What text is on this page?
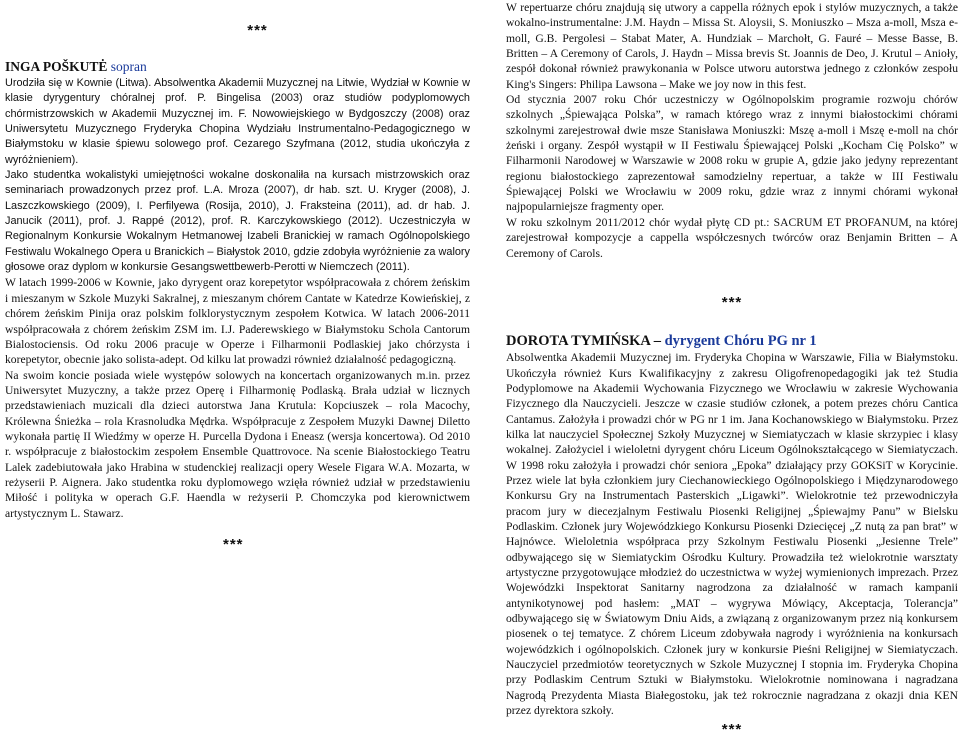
***
INGA POŠKUTĖ sopran

Urodziła się w Kownie (Litwa). Absolwentka Akademii Muzycznej na Litwie, Wydział w Kownie w klasie dyrygentury chóralnej prof. P. Bingelisa (2003) oraz studiów podyplomowych chórmistrzowskich w Akademii Muzycznej im. F. Nowowiejskiego w Bydgoszczy (2008) oraz Uniwersytetu Muzycznego Fryderyka Chopina Wydziału Instrumentalno-Pedagogicznego w Białymstoku w klasie śpiewu solowego prof. Cezarego Szyfmana (2012, studia ukończyła z wyróżnieniem).

Jako studentka wokalistyki umiejętności wokalne doskonaliła na kursach mistrzowskich oraz seminariach prowadzonych przez prof. L.A. Mroza (2007), dr hab. szt. U. Kryger (2008), J. Laszczkowskiego (2009), I. Perfilyewa (Rosija, 2010), J. Fraksteina (2011), ad. dr hab. J. Janucik (2011), prof. J. Rappé (2012), prof. R. Karczykowskiego (2012). Uczestniczyła w Regionalnym Konkursie Wokalnym Hetmanowej Izabeli Branickiej w ramach Ogólnopolskiego Festiwalu Wokalnego Opera u Branickich – Białystok 2010, gdzie zdobyła wyróżnienie za walory głosowe oraz dyplom w konkursie Gesangswettbewerb-Perotti w Niemczech (2011).

W latach 1999-2006 w Kownie, jako dyrygent oraz korepetytor współpracowała z chórem żeńskim i mieszanym w Szkole Muzyki Sakralnej, z mieszanym chórem Cantate w Katedrze Kowieńskiej, z chórem żeńskim Pinija oraz polskim folklorystycznym zespołem Kotwica. W latach 2006-2011 współpracowała z chórem żeńskim ZSM im. I.J. Paderewskiego w Białymstoku Schola Cantorum Bialostociensis. Od roku 2006 pracuje w Operze i Filharmonii Podlaskiej jako chórzysta i korepetytor, obecnie jako solista-adept. Od kilku lat prowadzi również działalność pedagogiczną.

Na swoim koncie posiada wiele występów solowych na koncertach organizowanych m.in. przez Uniwersytet Muzyczny, a także przez Operę i Filharmonię Podlaską. Brała udział w licznych przedstawieniach muzicali dla dzieci autorstwa Jana Krutula: Kopciuszek – rola Macochy, Królewna Śnieżka – rola Krasnoludka Mędrka. Współpracuje z Zespołem Muzyki Dawnej Diletto wykonała partię II Wiedźmy w operze H. Purcella Dydona i Eneasz (wersja koncertowa). Od 2010 r. współpracuje z białostockim zespołem Ensemble Quattrovoce. Na scenie Białostockiego Teatru Lalek zadebiutowała jako Hrabina w studenckiej realizacji opery Wesele Figara W.A. Mozarta, w reżyserii P. Aignera. Jako studentka roku dyplomowego wzięła również udział w przedstawieniu Miłość i polityka w operach G.F. Haendla w reżyserii P. Chomczyka pod kierownictwem artystycznym L. Stawarz.

***

W repertuarze chóru znajdują się utwory a cappella różnych epok i stylów muzycznych, a także wokalno-instrumentalne: J.M. Haydn – Missa St. Aloysii, S. Moniuszko – Msza a-moll, Msza e-moll, G.B. Pergolesi – Stabat Mater, A. Hundziak – Marchołt, G. Fauré – Messe Basse, B. Britten – A Ceremony of Carols, J. Haydn – Missa brevis St. Joannis de Deo, J. Krutul – Anioły, zespół dokonał również prawykonania w Polsce utworu autorstwa jednego z członków zespołu King's Singers: Philipa Lawsona – Make we joy now in this fest.

Od stycznia 2007 roku Chór uczestniczy w Ogólnopolskim programie rozwoju chórów szkolnych „Śpiewająca Polska”, w ramach którego wraz z innymi białostockimi chórami szkolnymi zarejestrował dwie msze Stanisława Moniuszki: Mszę a-moll i Mszę e-moll na chór żeński i organy. Zespół wystąpił w II Festiwalu Śpiewającej Polski „Kocham Cię Polsko” w Filharmonii Narodowej w Warszawie w 2008 roku w grupie A, gdzie jako jedyny reprezentant regionu białostockiego zaprezentował samodzielny repertuar, a także w III Festiwalu Śpiewającej Polski we Wrocławiu w 2009 roku, gdzie wraz z innymi chórami wykonał najpopularniejsze fragmenty oper.

W roku szkolnym 2011/2012 chór wydał płytę CD pt.: SACRUM ET PROFANUM, na której zarejestrował kompozycje a cappella współczesnych twórców oraz Benjamin Britten – A Ceremony of Carols.

***
DOROTA TYMIŃSKA – dyrygent Chóru PG nr 1

Absolwentka Akademii Muzycznej im. Fryderyka Chopina w Warszawie, Filia w Białymstoku. Ukończyła również Kurs Kwalifikacyjny z zakresu Oligofrenopedagogiki jak też Studia Podyplomowe na Akademii Wychowania Fizycznego we Wrocławiu w zakresie Wychowania Fizycznego dla Nauczycieli. Jeszcze w czasie studiów członek, a potem prezes chóru Cantica Cantamus. Założyła i prowadzi chór w PG nr 1 im. Jana Kochanowskiego w Białymstoku. Przez kilka lat nauczyciel Społecznej Szkoły Muzycznej w Siemiatyczach w klasie skrzypiec i klasy wokalnej. Założyciel i wieloletni dyrygent chóru Liceum Ogólnokształcącego w Siemiatyczach. W 1998 roku założyła i prowadzi chór seniora „Epoka” działający przy GOKSiT w Korycinie. Przez wiele lat była członkiem jury Ciechanowieckiego Ogólnopolskiego i Międzynarodowego Konkursu Gry na Instrumentach Pasterskich „Ligawki”. Wielokrotnie też przewodniczyła pracom jury w diecezjalnym Festiwalu Piosenki Religijnej „Śpiewajmy Panu” w Bielsku Podlaskim. Członek jury Wojewódzkiego Konkursu Piosenki Dziecięcej „Z nutą za pan brat” w Hajnówce. Wieloletnia współpraca przy Szkolnym Festiwalu Piosenki „Jesienne Trele” odbywającego się w Siemiatyckim Ośrodku Kultury. Prowadziła też wielokrotnie warsztaty artystyczne przygotowujące młodzież do uczestnictwa w wyżej wymienionych imprezach. Przez Wojewódzki Inspektorat Sanitarny nagrodzona za działalność w ramach kampanii antynikotynowej pod hasłem: „MAT – wygrywa Mówiący, Akceptacja, Tolerancja” odbywającego się w Światowym Dniu Aids, a związaną z organizowanym przez nią konkursem piosenek o tej tematyce. Z chórem Liceum zdobywała nagrody i wyróżnienia na konkursach wojewódzkich i ogólnopolskich. Członek jury w konkursie Pieśni Religijnej w Siemiatyczach. Nauczyciel przedmiotów teoretycznych w Szkole Muzycznej I stopnia im. Fryderyka Chopina przy Podlaskim Centrum Sztuki w Białymstoku. Wielokrotnie nominowana i nagradzana Nagrodą Prezydenta Miasta Białegostoku, jak też rokrocznie nagradzana z okazji dnia KEN przez dyrektora szkoły.

***
